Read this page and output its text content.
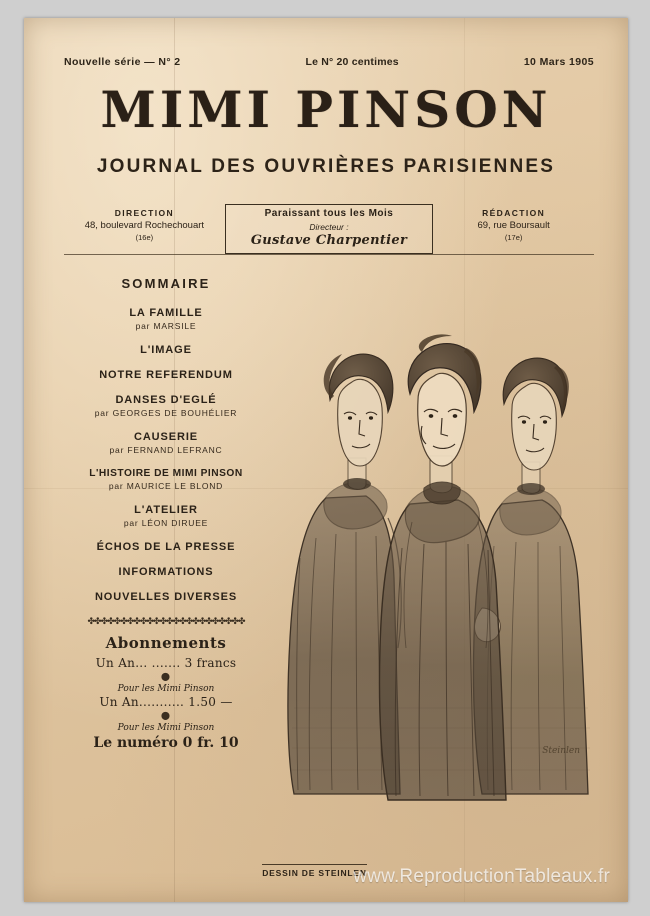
Nouvelle série — N° 2	Le N° 20 centimes	10 Mars 1905
MIMI PINSON
JOURNAL DES OUVRIÈRES PARISIENNES
DIRECTION
48, boulevard Rochechouart
(16e)
Paraissant tous les Mois
Directeur :
Gustave Charpentier
RÉDACTION
69, rue Boursault
(17e)
SOMMAIRE
LA FAMILLE
par MARSILE
L'IMAGE
NOTRE REFERENDUM
DANSES D'EGLÉ
par GEORGES DE BOUHÉLIER
CAUSERIE
par FERNAND LEFRANC
L'HISTOIRE DE MIMI PINSON
par MAURICE LE BLOND
L'ATELIER
par LÉON DIRUEE
ÉCHOS DE LA PRESSE
INFORMATIONS
NOUVELLES DIVERSES
✤✤✤✤✤✤✤✤✤✤✤✤✤✤✤✤✤✤✤✤✤✤✤✤
Abonnements
Un An... ....... 3 francs
⬤
Pour les Mimi Pinson
Un An........... 1.50 —
⬤
Pour les Mimi Pinson
Le numéro 0 fr. 10	Steinlen
DESSIN DE STEINLEN
www.ReproductionTableaux.fr
